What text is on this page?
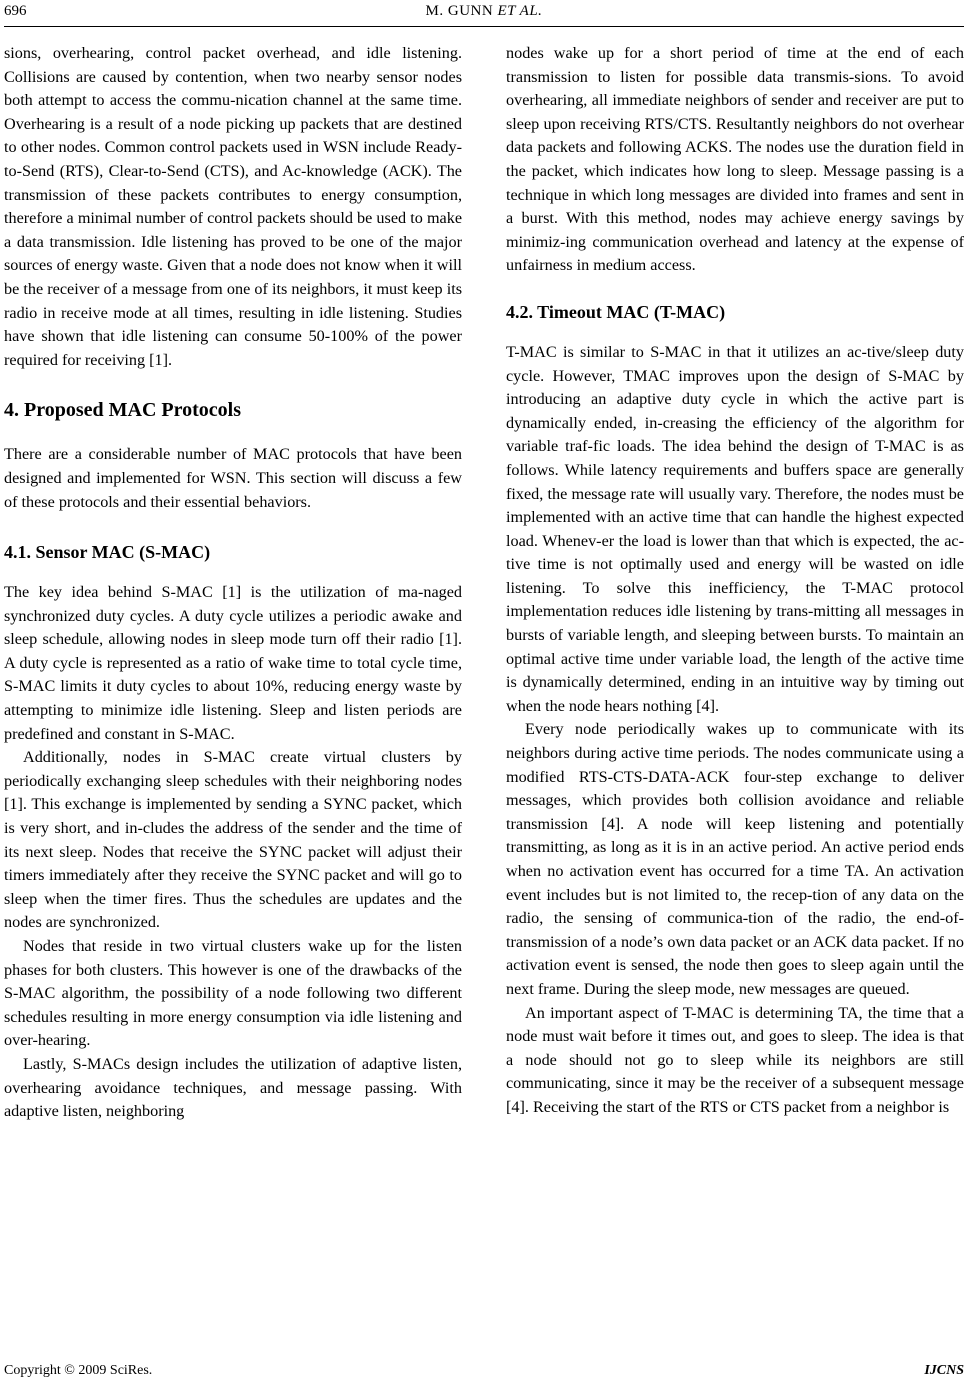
696	M. GUNN ET AL.

sions, overhearing, control packet overhead, and idle listening. Collisions are caused by contention, when two nearby sensor nodes both attempt to access the commu-nication channel at the same time. Overhearing is a result of a node picking up packets that are destined to other nodes. Common control packets used in WSN include Ready-to-Send (RTS), Clear-to-Send (CTS), and Ac-knowledge (ACK). The transmission of these packets contributes to energy consumption, therefore a minimal number of control packets should be used to make a data transmission. Idle listening has proved to be one of the major sources of energy waste. Given that a node does not know when it will be the receiver of a message from one of its neighbors, it must keep its radio in receive mode at all times, resulting in idle listening. Studies have shown that idle listening can consume 50-100% of the power required for receiving [1].

4. Proposed MAC Protocols

There are a considerable number of MAC protocols that have been designed and implemented for WSN. This section will discuss a few of these protocols and their essential behaviors.

4.1. Sensor MAC (S-MAC)

The key idea behind S-MAC [1] is the utilization of ma-naged synchronized duty cycles. A duty cycle utilizes a periodic awake and sleep schedule, allowing nodes in sleep mode turn off their radio [1]. A duty cycle is represented as a ratio of wake time to total cycle time, S-MAC limits it duty cycles to about 10%, reducing energy waste by attempting to minimize idle listening. Sleep and listen periods are predefined and constant in S-MAC.

Additionally, nodes in S-MAC create virtual clusters by periodically exchanging sleep schedules with their neighboring nodes [1]. This exchange is implemented by sending a SYNC packet, which is very short, and in-cludes the address of the sender and the time of its next sleep. Nodes that receive the SYNC packet will adjust their timers immediately after they receive the SYNC packet and will go to sleep when the timer fires. Thus the schedules are updates and the nodes are synchronized.

Nodes that reside in two virtual clusters wake up for the listen phases for both clusters. This however is one of the drawbacks of the S-MAC algorithm, the possibility of a node following two different schedules resulting in more energy consumption via idle listening and over-hearing.

Lastly, S-MACs design includes the utilization of adaptive listen, overhearing avoidance techniques, and message passing. With adaptive listen, neighboring

nodes wake up for a short period of time at the end of each transmission to listen for possible data transmis-sions. To avoid overhearing, all immediate neighbors of sender and receiver are put to sleep upon receiving RTS/CTS. Resultantly neighbors do not overhear data packets and following ACKS. The nodes use the duration field in the packet, which indicates how long to sleep. Message passing is a technique in which long messages are divided into frames and sent in a burst. With this method, nodes may achieve energy savings by minimiz-ing communication overhead and latency at the expense of unfairness in medium access.

4.2. Timeout MAC (T-MAC)

T-MAC is similar to S-MAC in that it utilizes an ac-tive/sleep duty cycle. However, TMAC improves upon the design of S-MAC by introducing an adaptive duty cycle in which the active part is dynamically ended, in-creasing the efficiency of the algorithm for variable traf-fic loads. The idea behind the design of T-MAC is as follows. While latency requirements and buffers space are generally fixed, the message rate will usually vary. Therefore, the nodes must be implemented with an active time that can handle the highest expected load. Whenev-er the load is lower than that which is expected, the ac-tive time is not optimally used and energy will be wasted on idle listening. To solve this inefficiency, the T-MAC protocol implementation reduces idle listening by trans-mitting all messages in bursts of variable length, and sleeping between bursts. To maintain an optimal active time under variable load, the length of the active time is dynamically determined, ending in an intuitive way by timing out when the node hears nothing [4].

Every node periodically wakes up to communicate with its neighbors during active time periods. The nodes communicate using a modified RTS-CTS-DATA-ACK four-step exchange to deliver messages, which provides both collision avoidance and reliable transmission [4]. A node will keep listening and potentially transmitting, as long as it is in an active period. An active period ends when no activation event has occurred for a time TA. An activation event includes but is not limited to, the recep-tion of any data on the radio, the sensing of communica-tion of the radio, the end-of-transmission of a node’s own data packet or an ACK data packet. If no activation event is sensed, the node then goes to sleep again until the next frame. During the sleep mode, new messages are queued.

An important aspect of T-MAC is determining TA, the time that a node must wait before it times out, and goes to sleep. The idea is that a node should not go to sleep while its neighbors are still communicating, since it may be the receiver of a subsequent message [4]. Receiving the start of the RTS or CTS packet from a neighbor is

Copyright © 2009 SciRes.	IJCNS
